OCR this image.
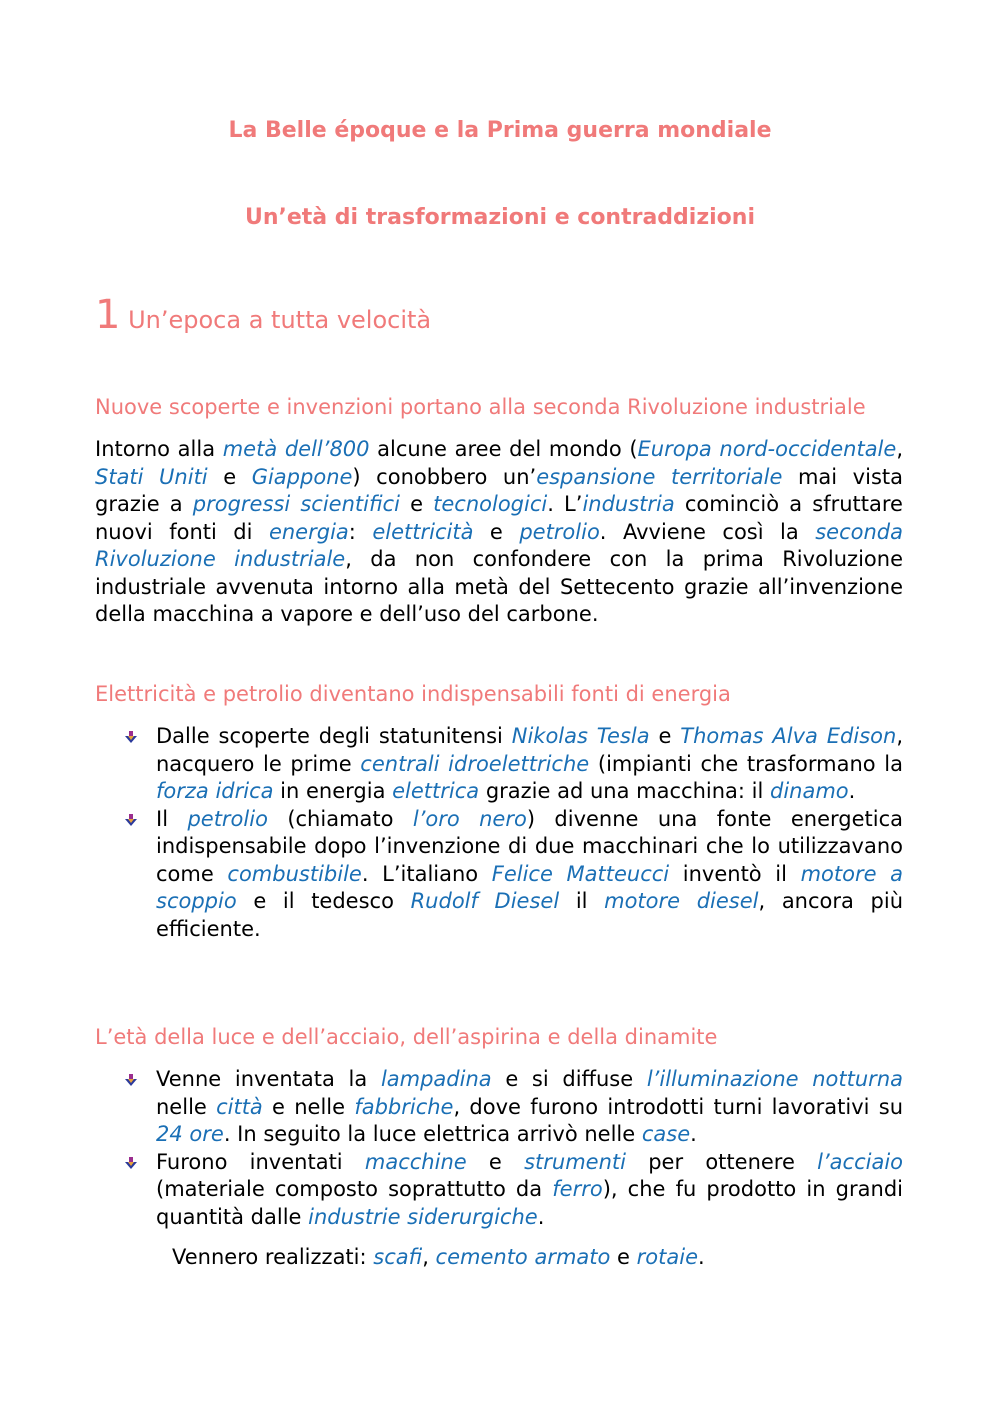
La Belle époque e la Prima guerra mondiale
Un’età di trasformazioni e contraddizioni
1 Un’epoca a tutta velocità
Nuove scoperte e invenzioni portano alla seconda Rivoluzione industriale

Intorno alla metà dell’800 alcune aree del mondo (Europa nord-occidentale, Stati Uniti e Giappone) conobbero un’espansione territoriale mai vista grazie a progressi scientifici e tecnologici. L’industria cominciò a sfruttare nuovi fonti di energia: elettricità e petrolio. Avviene così la seconda Rivoluzione industriale, da non confondere con la prima Rivoluzione industriale avvenuta intorno alla metà del Settecento grazie all’invenzione della macchina a vapore e dell’uso del carbone.

Elettricità e petrolio diventano indispensabili fonti di energia
Dalle scoperte degli statunitensi Nikolas Tesla e Thomas Alva Edison, nacquero le prime centrali idroelettriche (impianti che trasformano la forza idrica in energia elettrica grazie ad una macchina: il dinamo.
Il petrolio (chiamato l’oro nero) divenne una fonte energetica indispensabile dopo l’invenzione di due macchinari che lo utilizzavano come combustibile. L’italiano Felice Matteucci inventò il motore a scoppio e il tedesco Rudolf Diesel il motore diesel, ancora più efficiente.
L’età della luce e dell’acciaio, dell’aspirina e della dinamite
Venne inventata la lampadina e si diffuse l’illuminazione notturna nelle città e nelle fabbriche, dove furono introdotti turni lavorativi su 24 ore. In seguito la luce elettrica arrivò nelle case.
Furono inventati macchine e strumenti per ottenere l’acciaio (materiale composto soprattutto da ferro), che fu prodotto in grandi quantità dalle industrie siderurgiche.

Vennero realizzati: scafi, cemento armato e rotaie.
